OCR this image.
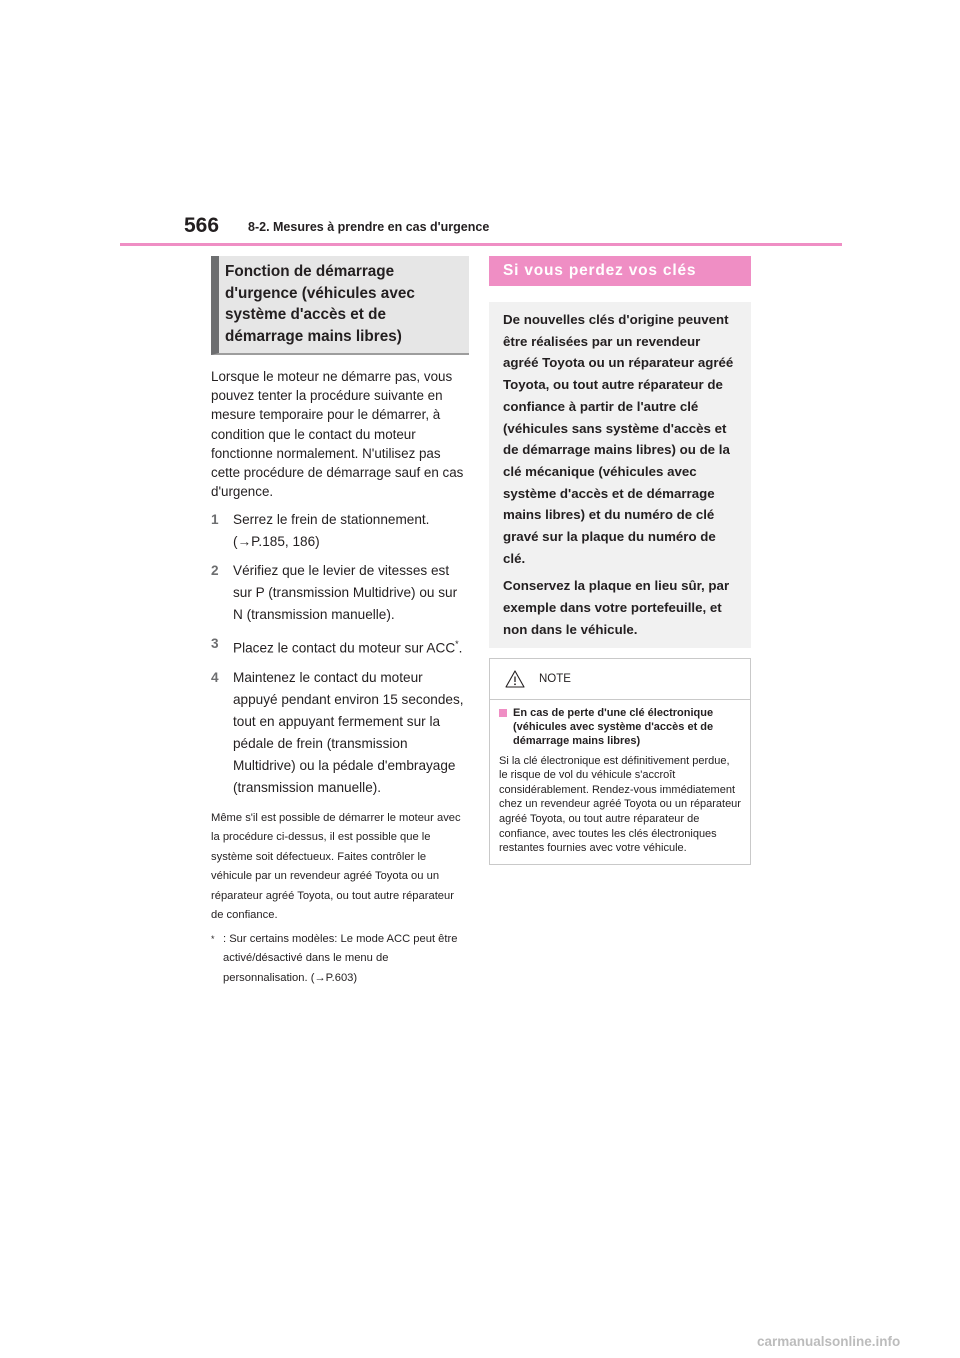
566 8-2. Mesures à prendre en cas d'urgence
Fonction de démarrage d'urgence (véhicules avec système d'accès et de démarrage mains libres)

Lorsque le moteur ne démarre pas, vous pouvez tenter la procédure suivante en mesure temporaire pour le démarrer, à condition que le contact du moteur fonctionne normalement. N'utilisez pas cette procédure de démarrage sauf en cas d'urgence.

1	Serrez le frein de stationnement.
(→P.185, 186)
2	Vérifiez que le levier de vitesses est sur P (transmission Multidrive) ou sur N (transmission manuelle).
3	Placez le contact du moteur sur ACC*.
4	Maintenez le contact du moteur appuyé pendant environ 15 secondes, tout en appuyant fermement sur la pédale de frein (transmission Multidrive) ou la pédale d'embrayage (transmission manuelle).

Même s'il est possible de démarrer le moteur avec la procédure ci-dessus, il est possible que le système soit défectueux. Faites contrôler le véhicule par un revendeur agréé Toyota ou un réparateur agréé Toyota, ou tout autre réparateur de confiance.

* : Sur certains modèles: Le mode ACC peut être activé/désactivé dans le menu de personnalisation. (→P.603)
Si vous perdez vos clés

De nouvelles clés d'origine peuvent être réalisées par un revendeur agréé Toyota ou un réparateur agréé Toyota, ou tout autre réparateur de confiance à partir de l'autre clé (véhicules sans système d'accès et de démarrage mains libres) ou de la clé mécanique (véhicules avec système d'accès et de démarrage mains libres) et du numéro de clé gravé sur la plaque du numéro de clé.

Conservez la plaque en lieu sûr, par exemple dans votre portefeuille, et non dans le véhicule.

NOTE
En cas de perte d'une clé électronique (véhicules avec système d'accès et de démarrage mains libres)

Si la clé électronique est définitivement perdue, le risque de vol du véhicule s'accroît considérablement. Rendez-vous immédiatement chez un revendeur agréé Toyota ou un réparateur agréé Toyota, ou tout autre réparateur de confiance, avec toutes les clés électroniques restantes fournies avec votre véhicule.

carmanualsonline.info
